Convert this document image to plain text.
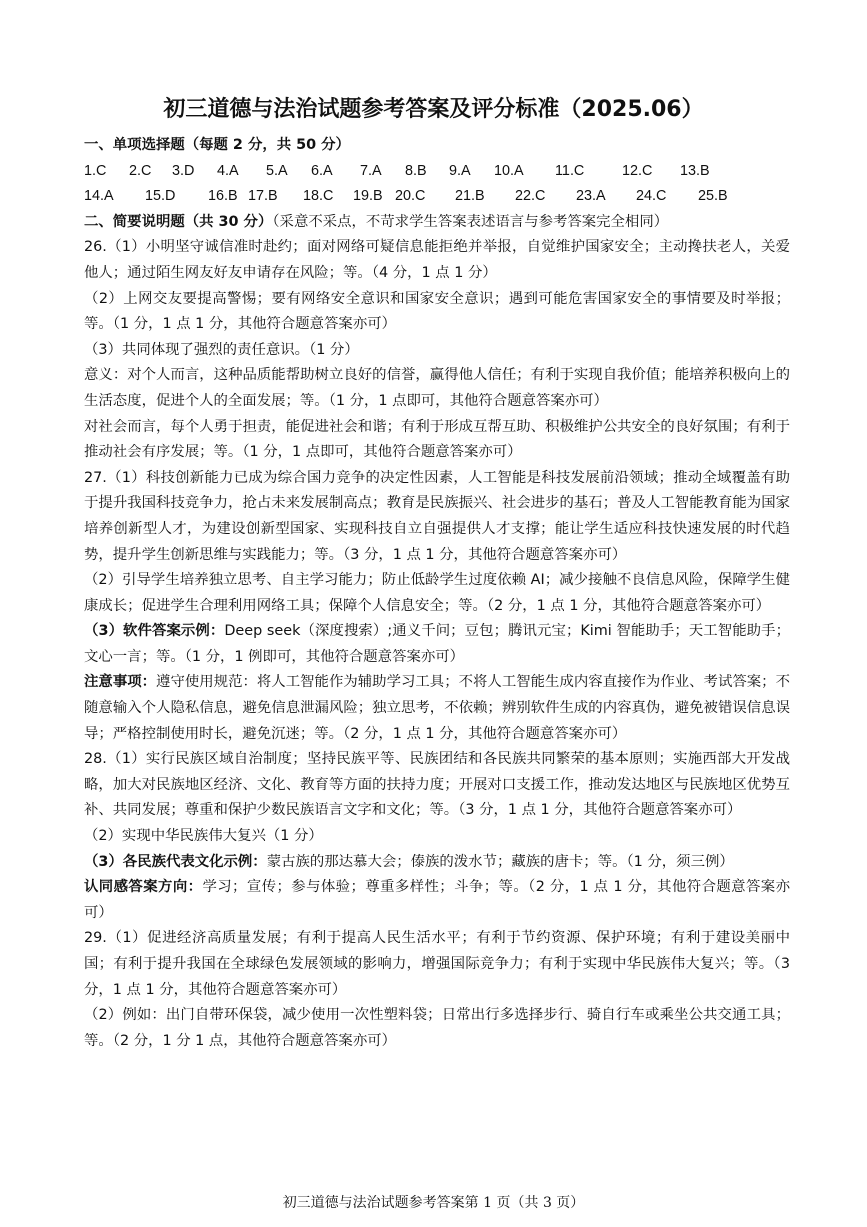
初三道德与法治试题参考答案及评分标准（2025.06）

一、单项选择题（每题 2 分，共 50 分）

1.C	2.C	3.D	4.A	5.A	6.A	7.A	8.B	9.A	10.A	11.C	12.C	13.B
14.A	15.D	16.B 17.B	18.C	19.B 20.C	21.B	22.C	23.A	24.C	25.B

二、简要说明题（共 30 分）（采意不采点，不苛求学生答案表述语言与参考答案完全相同）

26.（1）小明坚守诚信准时赴约；面对网络可疑信息能拒绝并举报，自觉维护国家安全；主动搀扶老人，关爱他人；通过陌生网友好友申请存在风险；等。（4 分，1 点 1 分）

（2）上网交友要提高警惕；要有网络安全意识和国家安全意识；遇到可能危害国家安全的事情要及时举报；等。（1 分，1 点 1 分，其他符合题意答案亦可）

（3）共同体现了强烈的责任意识。（1 分）

意义：对个人而言，这种品质能帮助树立良好的信誉，赢得他人信任；有利于实现自我价值；能培养积极向上的生活态度，促进个人的全面发展；等。（1 分，1 点即可，其他符合题意答案亦可）

对社会而言，每个人勇于担责，能促进社会和谐；有利于形成互帮互助、积极维护公共安全的良好氛围；有利于推动社会有序发展；等。（1 分，1 点即可，其他符合题意答案亦可）

27.（1）科技创新能力已成为综合国力竞争的决定性因素，人工智能是科技发展前沿领域；推动全域覆盖有助于提升我国科技竞争力，抢占未来发展制高点；教育是民族振兴、社会进步的基石；普及人工智能教育能为国家培养创新型人才，为建设创新型国家、实现科技自立自强提供人才支撑；能让学生适应科技快速发展的时代趋势，提升学生创新思维与实践能力；等。（3 分，1 点 1 分，其他符合题意答案亦可）

（2）引导学生培养独立思考、自主学习能力；防止低龄学生过度依赖 AI；减少接触不良信息风险，保障学生健康成长；促进学生合理利用网络工具；保障个人信息安全；等。（2 分，1 点 1 分，其他符合题意答案亦可）

（3）软件答案示例：Deep seek（深度搜索）;通义千问；豆包；腾讯元宝；Kimi 智能助手；天工智能助手；文心一言；等。（1 分，1 例即可，其他符合题意答案亦可）

注意事项：遵守使用规范：将人工智能作为辅助学习工具；不将人工智能生成内容直接作为作业、考试答案；不随意输入个人隐私信息，避免信息泄漏风险；独立思考，不依赖；辨别软件生成的内容真伪，避免被错误信息误导；严格控制使用时长，避免沉迷；等。（2 分，1 点 1 分，其他符合题意答案亦可）

28.（1）实行民族区域自治制度；坚持民族平等、民族团结和各民族共同繁荣的基本原则；实施西部大开发战略，加大对民族地区经济、文化、教育等方面的扶持力度；开展对口支援工作，推动发达地区与民族地区优势互补、共同发展；尊重和保护少数民族语言文字和文化；等。（3 分，1 点 1 分，其他符合题意答案亦可）

（2）实现中华民族伟大复兴（1 分）

（3）各民族代表文化示例：蒙古族的那达慕大会；傣族的泼水节；藏族的唐卡；等。（1 分，须三例）

认同感答案方向：学习；宣传；参与体验；尊重多样性；斗争；等。（2 分，1 点 1 分，其他符合题意答案亦可）

29.（1）促进经济高质量发展；有利于提高人民生活水平；有利于节约资源、保护环境；有利于建设美丽中国；有利于提升我国在全球绿色发展领域的影响力，增强国际竞争力；有利于实现中华民族伟大复兴；等。（3 分，1 点 1 分，其他符合题意答案亦可）

（2）例如：出门自带环保袋，减少使用一次性塑料袋；日常出行多选择步行、骑自行车或乘坐公共交通工具；等。（2 分，1 分 1 点，其他符合题意答案亦可）

初三道德与法治试题参考答案第 1 页（共 3 页）
